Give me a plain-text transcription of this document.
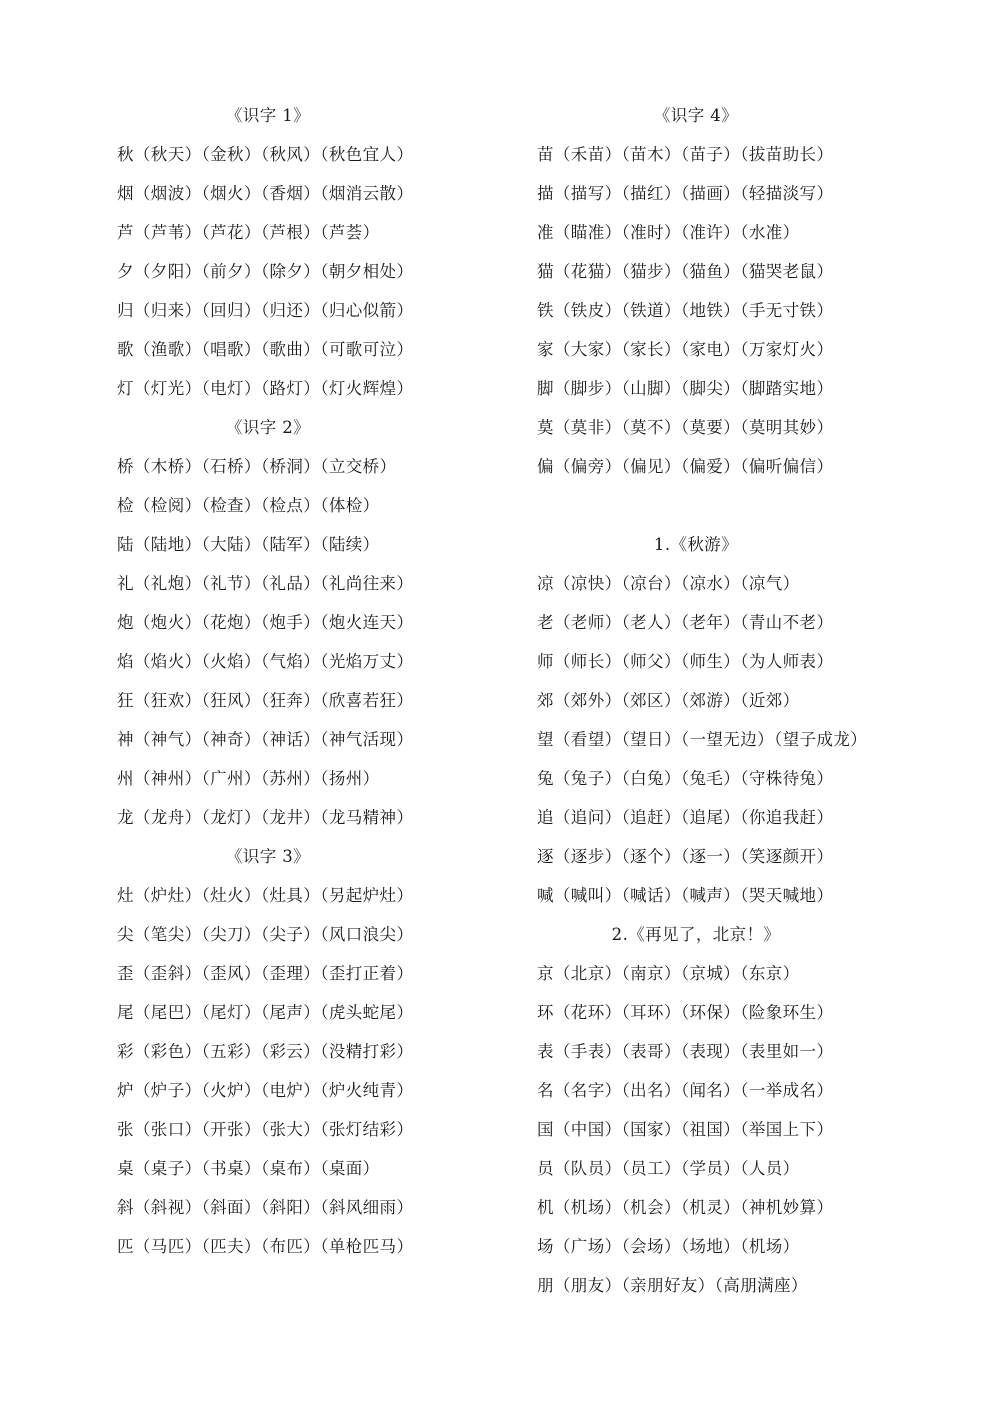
《识字 1》
秋（秋天）（金秋）（秋风）（秋色宜人）
烟（烟波）（烟火）（香烟）（烟消云散）
芦（芦苇）（芦花）（芦根）（芦荟）
夕（夕阳）（前夕）（除夕）（朝夕相处）
归（归来）（回归）（归还）（归心似箭）
歌（渔歌）（唱歌）（歌曲）（可歌可泣）
灯（灯光）（电灯）（路灯）（灯火辉煌）
《识字 2》
桥（木桥）（石桥）（桥洞）（立交桥）
检（检阅）（检查）（检点）（体检）
陆（陆地）（大陆）（陆军）（陆续）
礼（礼炮）（礼节）（礼品）（礼尚往来）
炮（炮火）（花炮）（炮手）（炮火连天）
焰（焰火）（火焰）（气焰）（光焰万丈）
狂（狂欢）（狂风）（狂奔）（欣喜若狂）
神（神气）（神奇）（神话）（神气活现）
州（神州）（广州）（苏州）（扬州）
龙（龙舟）（龙灯）（龙井）（龙马精神）
《识字 3》
灶（炉灶）（灶火）（灶具）（另起炉灶）
尖（笔尖）（尖刀）（尖子）（风口浪尖）
歪（歪斜）（歪风）（歪理）（歪打正着）
尾（尾巴）（尾灯）（尾声）（虎头蛇尾）
彩（彩色）（五彩）（彩云）（没精打彩）
炉（炉子）（火炉）（电炉）（炉火纯青）
张（张口）（开张）（张大）（张灯结彩）
桌（桌子）（书桌）（桌布）（桌面）
斜（斜视）（斜面）（斜阳）（斜风细雨）
匹（马匹）（匹夫）（布匹）（单枪匹马）
《识字 4》
苗（禾苗）（苗木）（苗子）（拔苗助长）
描（描写）（描红）（描画）（轻描淡写）
准（瞄准）（准时）（准许）（水准）
猫（花猫）（猫步）（猫鱼）（猫哭老鼠）
铁（铁皮）（铁道）（地铁）（手无寸铁）
家（大家）（家长）（家电）（万家灯火）
脚（脚步）（山脚）（脚尖）（脚踏实地）
莫（莫非）（莫不）（莫要）（莫明其妙）
偏（偏旁）（偏见）（偏爱）（偏听偏信）
1.《秋游》
凉（凉快）（凉台）（凉水）（凉气）
老（老师）（老人）（老年）（青山不老）
师（师长）（师父）（师生）（为人师表）
郊（郊外）（郊区）（郊游）（近郊）
望（看望）（望日）（一望无边）（望子成龙）
兔（兔子）（白兔）（兔毛）（守株待兔）
追（追问）（追赶）（追尾）（你追我赶）
逐（逐步）（逐个）（逐一）（笑逐颜开）
喊（喊叫）（喊话）（喊声）（哭天喊地）
2.《再见了，北京！》
京（北京）（南京）（京城）（东京）
环（花环）（耳环）（环保）（险象环生）
表（手表）（表哥）（表现）（表里如一）
名（名字）（出名）（闻名）（一举成名）
国（中国）（国家）（祖国）（举国上下）
员（队员）（员工）（学员）（人员）
机（机场）（机会）（机灵）（神机妙算）
场（广场）（会场）（场地）（机场）
朋（朋友）（亲朋好友）（高朋满座）
